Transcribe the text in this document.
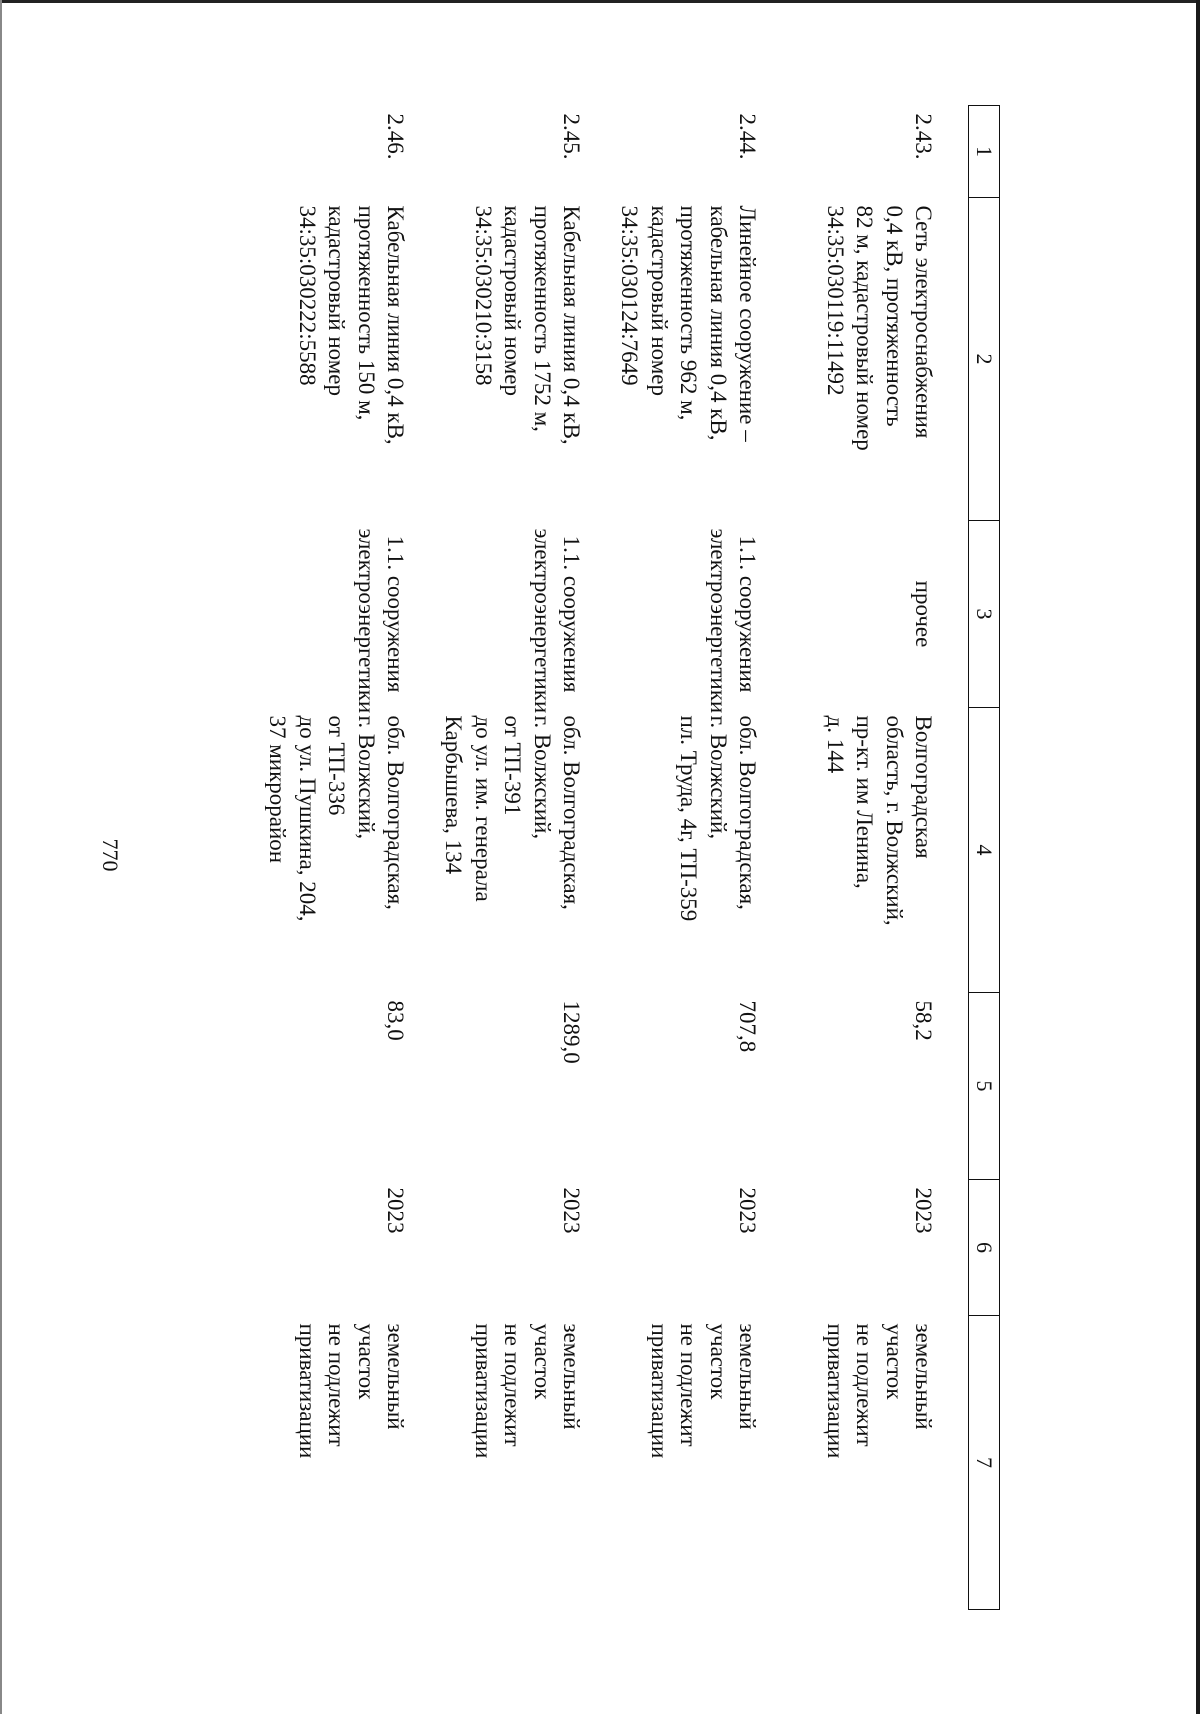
770
1	2	3	4	5	6	7
2.43.	Сеть электроснабжения
0,4 кВ, протяженность
82 м, кадастровый номер
34:35:030119:11492	прочее	Волгоградская
область, г. Волжский,
пр-кт. им Ленина,
д. 144	58,2	2023	земельный
участок
не подлежит
приватизации
2.44.	Линейное сооружение –
кабельная линия 0,4 кВ,
протяженность 962 м,
кадастровый номер
34:35:030124:7649	1.1. сооружения
электроэнергетики	обл. Волгоградская,
г. Волжский,
пл. Труда, 4г, ТП-359	707,8	2023	земельный
участок
не подлежит
приватизации
2.45.	Кабельная линия 0,4 кВ,
протяженность 1752 м,
кадастровый номер
34:35:030210:3158	1.1. сооружения
электроэнергетики	обл. Волгоградская,
г. Волжский,
от ТП-391
до ул. им. генерала
Карбышева, 134	1289,0	2023	земельный
участок
не подлежит
приватизации
2.46.	Кабельная линия 0,4 кВ,
протяженность 150 м,
кадастровый номер
34:35:030222:5588	1.1. сооружения
электроэнергетики	обл. Волгоградская,
г. Волжский,
от ТП-336
до ул. Пушкина, 204,
37 микрорайон	83,0	2023	земельный
участок
не подлежит
приватизации
